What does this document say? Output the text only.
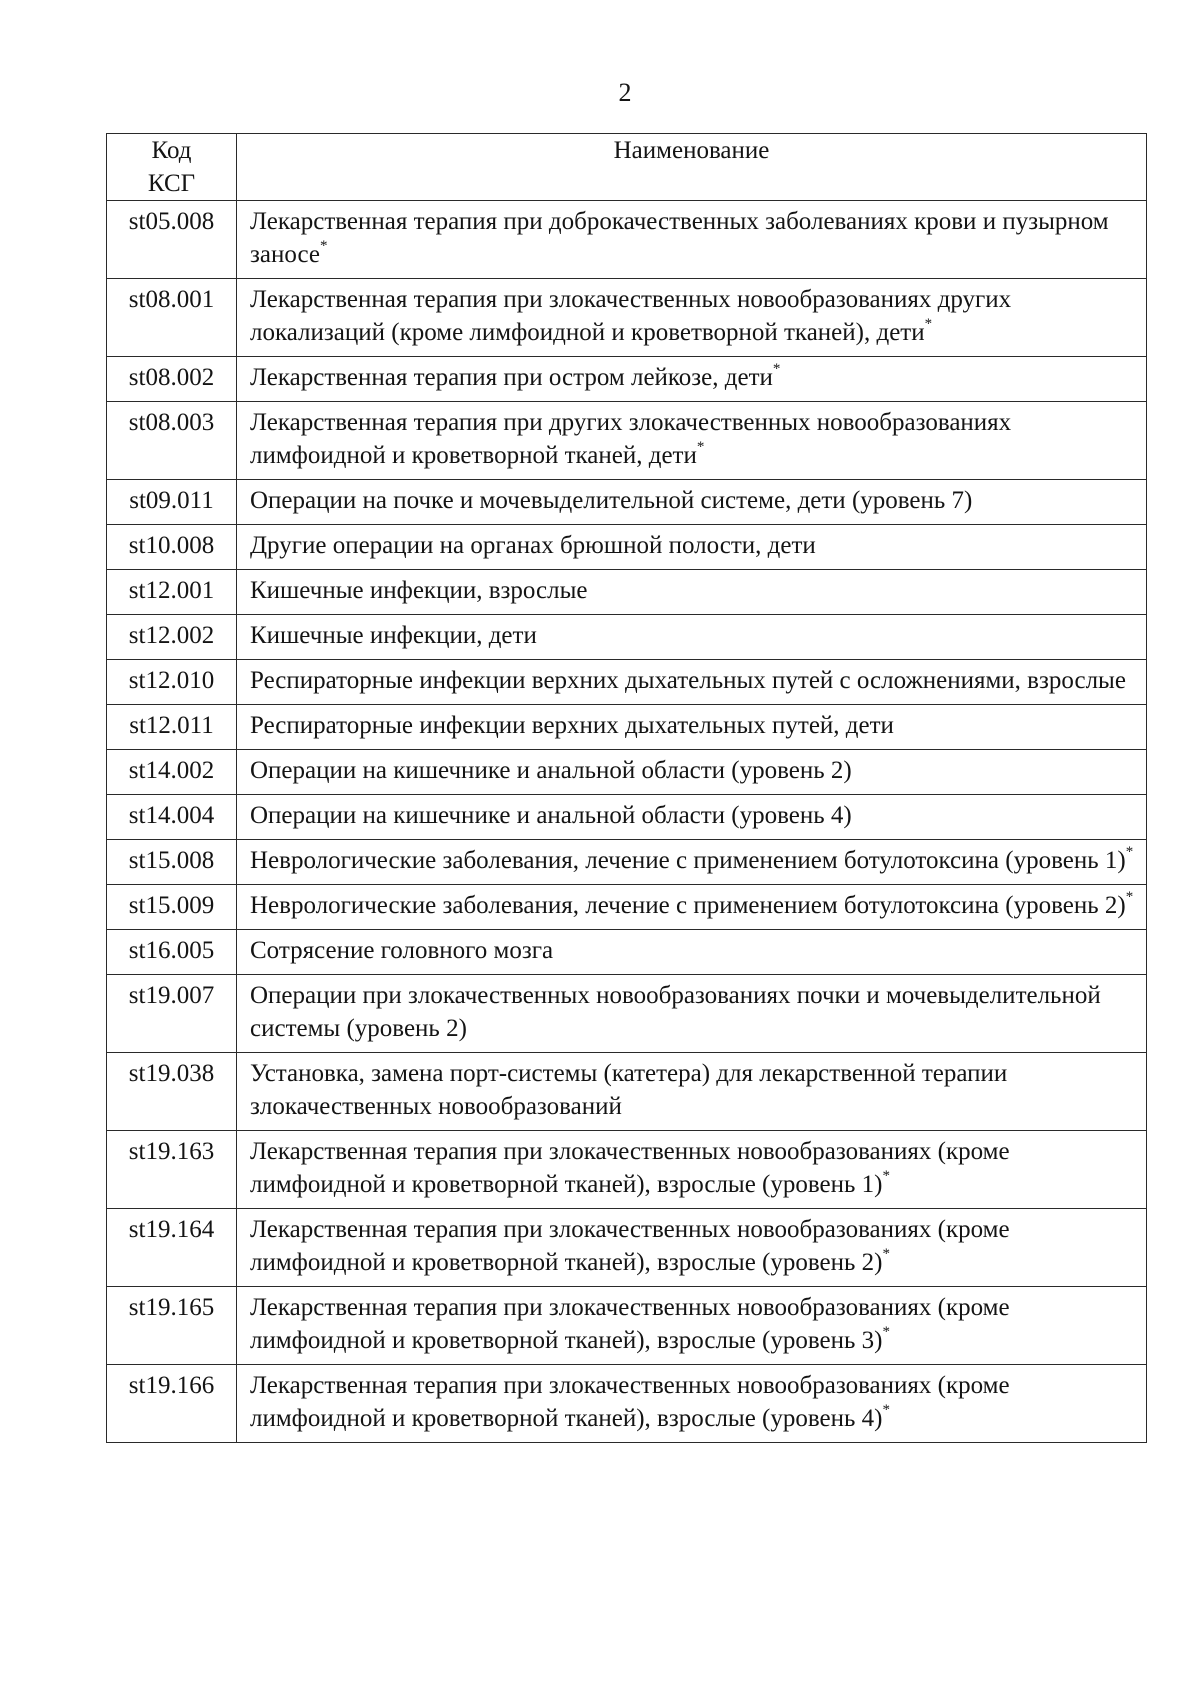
2
Код
КСГ	Наименование
st05.008	Лекарственная терапия при доброкачественных заболеваниях крови и пузырном заносе*
st08.001	Лекарственная терапия при злокачественных новообразованиях других локализаций (кроме лимфоидной и кроветворной тканей), дети*
st08.002	Лекарственная терапия при остром лейкозе, дети*
st08.003	Лекарственная терапия при других злокачественных новообразованиях лимфоидной и кроветворной тканей, дети*
st09.011	Операции на почке и мочевыделительной системе, дети (уровень 7)
st10.008	Другие операции на органах брюшной полости, дети
st12.001	Кишечные инфекции, взрослые
st12.002	Кишечные инфекции, дети
st12.010	Респираторные инфекции верхних дыхательных путей с осложнениями, взрослые
st12.011	Респираторные инфекции верхних дыхательных путей, дети
st14.002	Операции на кишечнике и анальной области (уровень 2)
st14.004	Операции на кишечнике и анальной области (уровень 4)
st15.008	Неврологические заболевания, лечение с применением ботулотоксина (уровень 1)*
st15.009	Неврологические заболевания, лечение с применением ботулотоксина (уровень 2)*
st16.005	Сотрясение головного мозга
st19.007	Операции при злокачественных новообразованиях почки и мочевыделительной системы (уровень 2)
st19.038	Установка, замена порт-системы (катетера) для лекарственной терапии злокачественных новообразований
st19.163	Лекарственная терапия при злокачественных новообразованиях (кроме лимфоидной и кроветворной тканей), взрослые (уровень 1)*
st19.164	Лекарственная терапия при злокачественных новообразованиях (кроме лимфоидной и кроветворной тканей), взрослые (уровень 2)*
st19.165	Лекарственная терапия при злокачественных новообразованиях (кроме лимфоидной и кроветворной тканей), взрослые (уровень 3)*
st19.166	Лекарственная терапия при злокачественных новообразованиях (кроме лимфоидной и кроветворной тканей), взрослые (уровень 4)*
